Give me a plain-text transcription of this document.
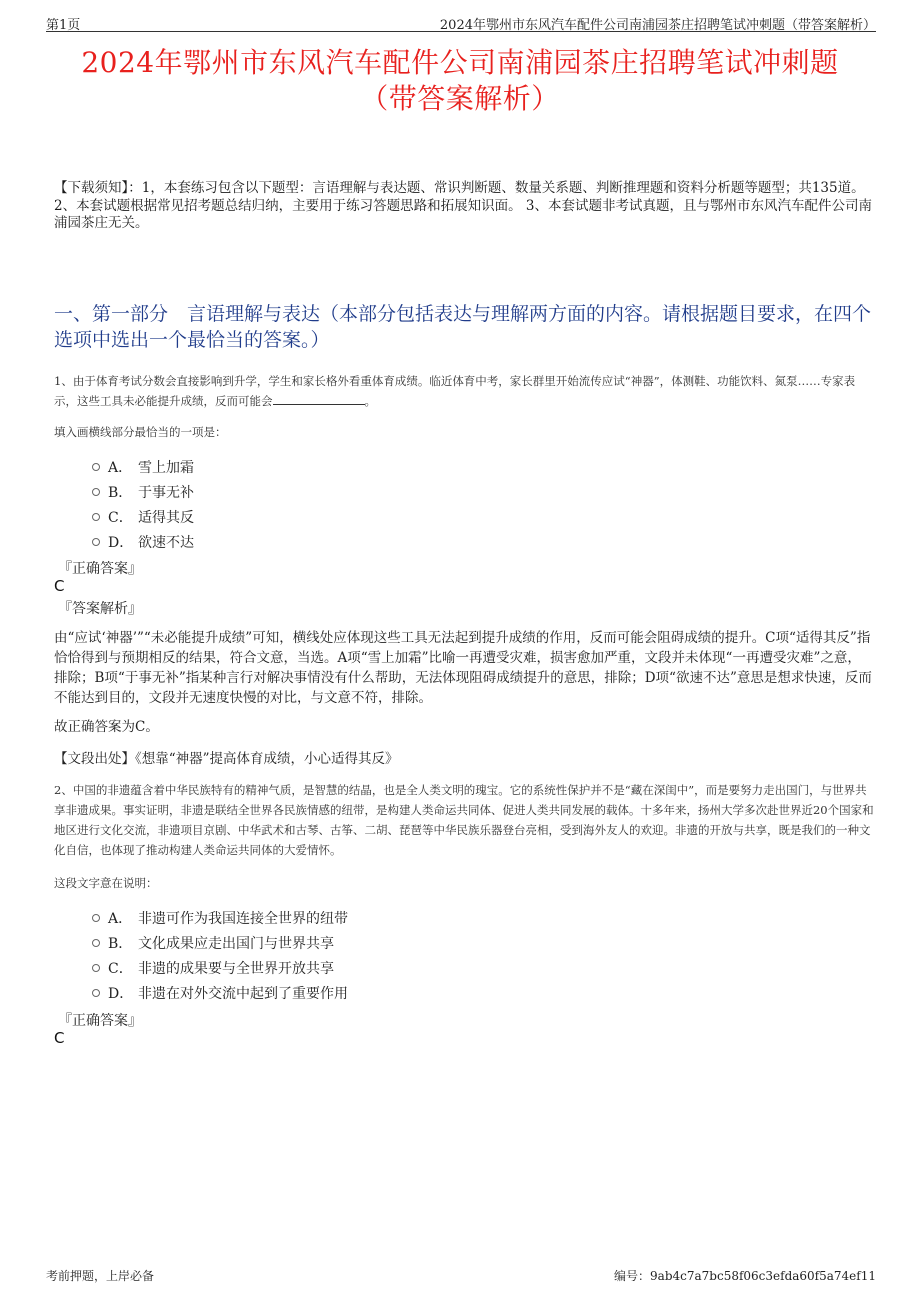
第1页	2024年鄂州市东风汽车配件公司南浦园茶庄招聘笔试冲刺题（带答案解析）
2024年鄂州市东风汽车配件公司南浦园茶庄招聘笔试冲刺题
（带答案解析）
【下载须知】：1，本套练习包含以下题型：言语理解与表达题、常识判断题、数量关系题、判断推理题和资料分析题等题型；共135道。 2、本套试题根据常见招考题总结归纳，主要用于练习答题思路和拓展知识面。 3、本套试题非考试真题，且与鄂州市东风汽车配件公司南浦园茶庄无关。
一、第一部分　言语理解与表达（本部分包括表达与理解两方面的内容。请根据题目要求，在四个选项中选出一个最恰当的答案。）
1、由于体育考试分数会直接影响到升学，学生和家长格外看重体育成绩。临近体育中考，家长群里开始流传应试“神器”，体测鞋、功能饮料、氮泵……专家表示，这些工具未必能提升成绩，反而可能会	。
填入画横线部分最恰当的一项是：
A． 雪上加霜
B． 于事无补
C． 适得其反
D． 欲速不达
『正确答案』
C
『答案解析』
由“应试‘神器’”“未必能提升成绩”可知，横线处应体现这些工具无法起到提升成绩的作用，反而可能会阻碍成绩的提升。C项“适得其反”指恰恰得到与预期相反的结果，符合文意，当选。A项“雪上加霜”比喻一再遭受灾难，损害愈加严重，文段并未体现“一再遭受灾难”之意，排除；B项“于事无补”指某种言行对解决事情没有什么帮助，无法体现阻碍成绩提升的意思，排除；D项“欲速不达”意思是想求快速，反而不能达到目的，文段并无速度快慢的对比，与文意不符，排除。
故正确答案为C。
【文段出处】《想靠“神器”提高体育成绩，小心适得其反》
2、中国的非遗蕴含着中华民族特有的精神气质，是智慧的结晶，也是全人类文明的瑰宝。它的系统性保护并不是“藏在深闺中”，而是要努力走出国门，与世界共享非遗成果。事实证明，非遗是联结全世界各民族情感的纽带，是构建人类命运共同体、促进人类共同发展的载体。十多年来，扬州大学多次赴世界近20个国家和地区进行文化交流，非遗项目京剧、中华武术和古琴、古筝、二胡、琵琶等中华民族乐器登台亮相，受到海外友人的欢迎。非遗的开放与共享，既是我们的一种文化自信，也体现了推动构建人类命运共同体的大爱情怀。
这段文字意在说明：
A． 非遗可作为我国连接全世界的纽带
B． 文化成果应走出国门与世界共享
C． 非遗的成果要与全世界开放共享
D． 非遗在对外交流中起到了重要作用
『正确答案』
C
考前押题，上岸必备	编号：9ab4c7a7bc58f06c3efda60f5a74ef11
